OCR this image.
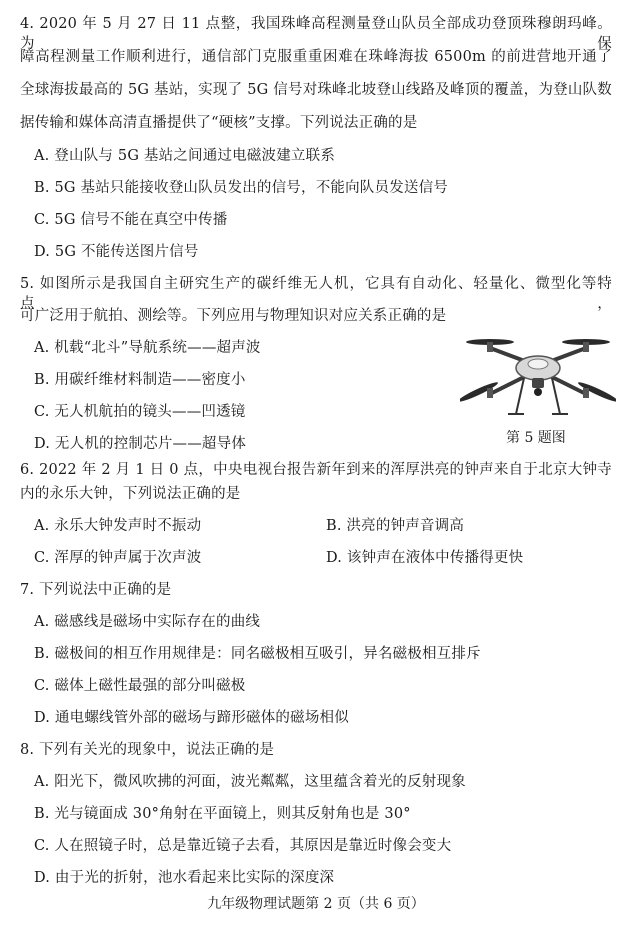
4. 2020 年 5 月 27 日 11 点整，我国珠峰高程测量登山队员全部成功登顶珠穆朗玛峰。为保
障高程测量工作顺利进行，通信部门克服重重困难在珠峰海拔 6500m 的前进营地开通了
全球海拔最高的 5G 基站，实现了 5G 信号对珠峰北坡登山线路及峰顶的覆盖，为登山队数
据传输和媒体高清直播提供了“硬核”支撑。下列说法正确的是
A. 登山队与 5G 基站之间通过电磁波建立联系
B. 5G 基站只能接收登山队员发出的信号，不能向队员发送信号
C. 5G 信号不能在真空中传播
D. 5G 不能传送图片信号
5. 如图所示是我国自主研究生产的碳纤维无人机，它具有自动化、轻量化、微型化等特点，
可广泛用于航拍、测绘等。下列应用与物理知识对应关系正确的是
A. 机载“北斗”导航系统——超声波
B. 用碳纤维材料制造——密度小
C. 无人机航拍的镜头——凹透镜
D. 无人机的控制芯片——超导体	第 5 题图
6. 2022 年 2 月 1 日 0 点，中央电视台报告新年到来的浑厚洪亮的钟声来自于北京大钟寺
内的永乐大钟，下列说法正确的是
A. 永乐大钟发声时不振动	B. 洪亮的钟声音调高
C. 浑厚的钟声属于次声波	D. 该钟声在液体中传播得更快
7. 下列说法中正确的是
A. 磁感线是磁场中实际存在的曲线
B. 磁极间的相互作用规律是：同名磁极相互吸引，异名磁极相互排斥
C. 磁体上磁性最强的部分叫磁极
D. 通电螺线管外部的磁场与蹄形磁体的磁场相似
8. 下列有关光的现象中，说法正确的是
A. 阳光下，微风吹拂的河面，波光粼粼，这里蕴含着光的反射现象
B. 光与镜面成 30°角射在平面镜上，则其反射角也是 30°
C. 人在照镜子时，总是靠近镜子去看，其原因是靠近时像会变大
D. 由于光的折射，池水看起来比实际的深度深
九年级物理试题第 2 页（共 6 页）
